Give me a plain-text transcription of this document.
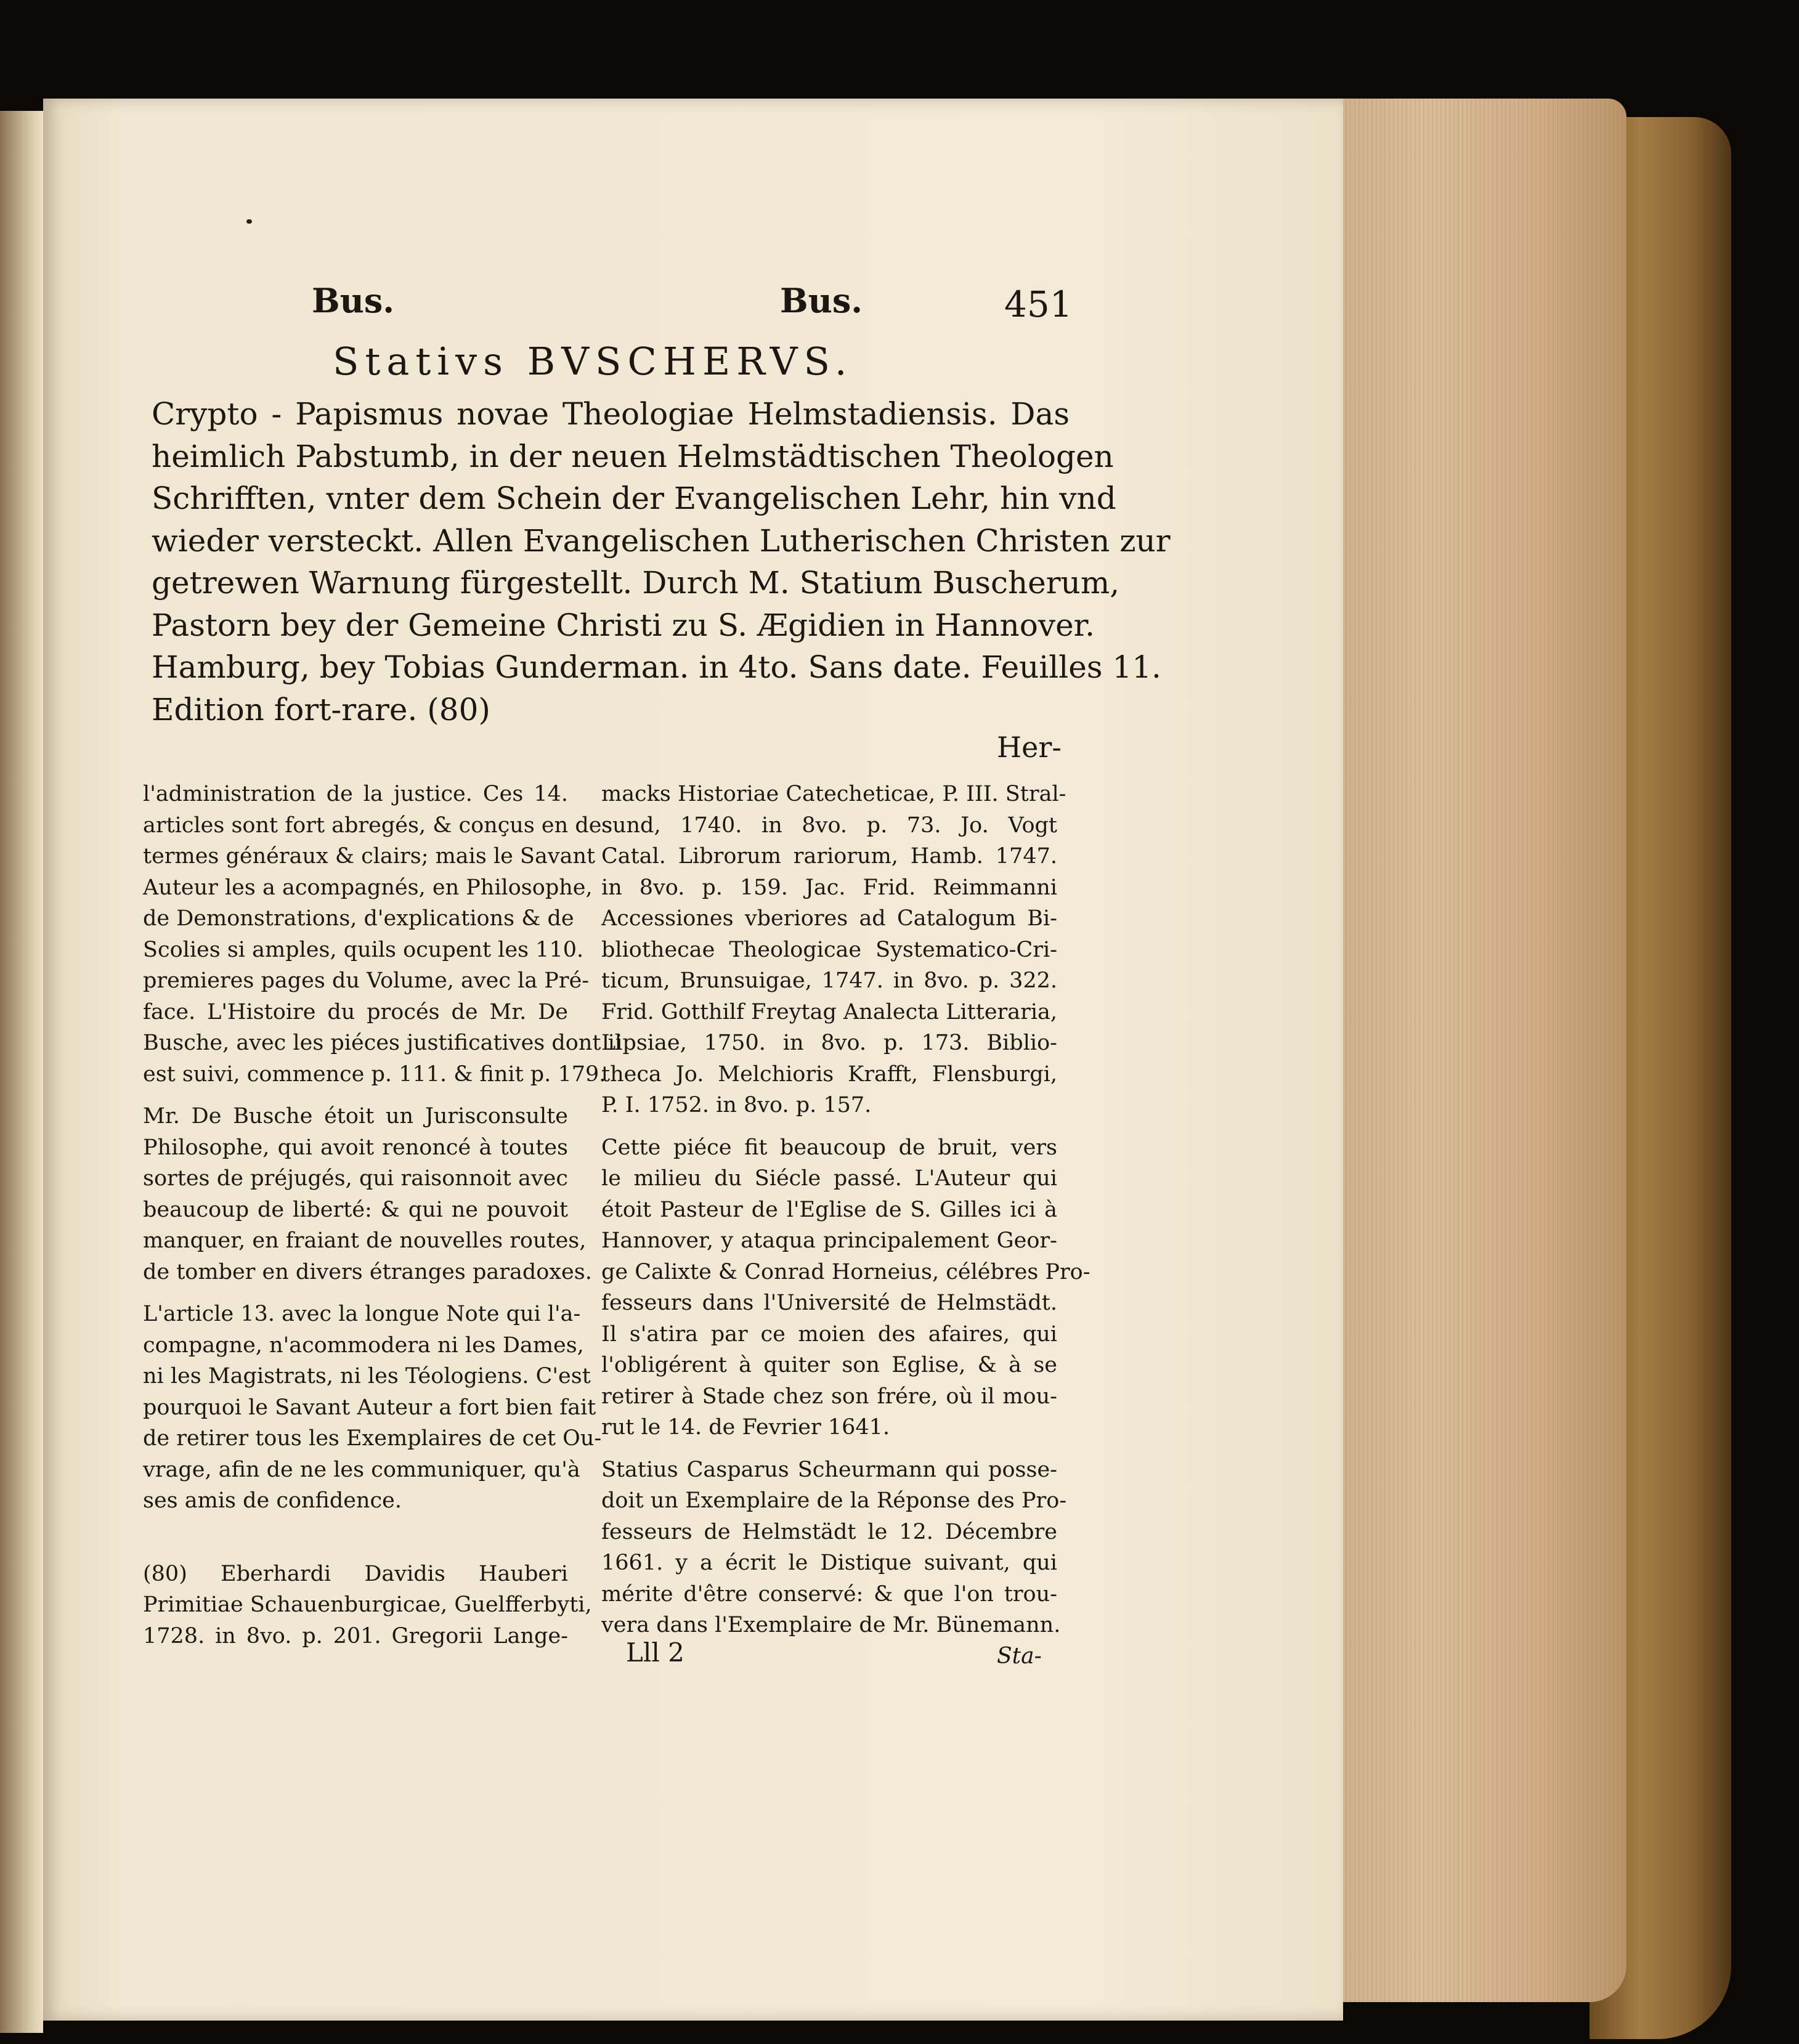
Bus.	Bus.	451
Stativs BVSCHERVS.

Crypto - Papismus novae Theologiae Helmstadiensis. Das

heimlich Pabstumb, in der neuen Helmstädtischen Theologen

Schrifften, vnter dem Schein der Evangelischen Lehr, hin vnd

wieder versteckt. Allen Evangelischen Lutherischen Christen zur

getrewen Warnung fürgestellt. Durch M. Statium Buscherum,

Pastorn bey der Gemeine Christi zu S. Ægidien in Hannover.

Hamburg, bey Tobias Gunderman. in 4to. Sans date. Feuilles 11.

Edition fort-rare. (80)

Her-

l'administration de la justice. Ces 14.

articles sont fort abregés, & conçus en des

termes généraux & clairs; mais le Savant

Auteur les a acompagnés, en Philosophe,

de Demonstrations, d'explications & de

Scolies si amples, quils ocupent les 110.

premieres pages du Volume, avec la Pré-

face. L'Histoire du procés de Mr. De

Busche, avec les piéces justificatives dont il

est suivi, commence p. 111. & finit p. 179.

Mr. De Busche étoit un Jurisconsulte

Philosophe, qui avoit renoncé à toutes

sortes de préjugés, qui raisonnoit avec

beaucoup de liberté: & qui ne pouvoit

manquer, en fraiant de nouvelles routes,

de tomber en divers étranges paradoxes.

L'article 13. avec la longue Note qui l'a-

compagne, n'acommodera ni les Dames,

ni les Magistrats, ni les Téologiens. C'est

pourquoi le Savant Auteur a fort bien fait

de retirer tous les Exemplaires de cet Ou-

vrage, afin de ne les communiquer, qu'à

ses amis de confidence.

(80) Eberhardi Davidis Hauberi

Primitiae Schauenburgicae, Guelfferbyti,

1728. in 8vo. p. 201. Gregorii Lange-

macks Historiae Catecheticae, P. III. Stral-

sund, 1740. in 8vo. p. 73. Jo. Vogt

Catal. Librorum rariorum, Hamb. 1747.

in 8vo. p. 159. Jac. Frid. Reimmanni

Accessiones vberiores ad Catalogum Bi-

bliothecae Theologicae Systematico-Cri-

ticum, Brunsuigae, 1747. in 8vo. p. 322.

Frid. Gotthilf Freytag Analecta Litteraria,

Lipsiae, 1750. in 8vo. p. 173. Biblio-

theca Jo. Melchioris Krafft, Flensburgi,

P. I. 1752. in 8vo. p. 157.

Cette piéce fit beaucoup de bruit, vers

le milieu du Siécle passé. L'Auteur qui

étoit Pasteur de l'Eglise de S. Gilles ici à

Hannover, y ataqua principalement Geor-

ge Calixte & Conrad Horneius, célébres Pro-

fesseurs dans l'Université de Helmstädt.

Il s'atira par ce moien des afaires, qui

l'obligérent à quiter son Eglise, & à se

retirer à Stade chez son frére, où il mou-

rut le 14. de Fevrier 1641.

Statius Casparus Scheurmann qui posse-

doit un Exemplaire de la Réponse des Pro-

fesseurs de Helmstädt le 12. Décembre

1661. y a écrit le Distique suivant, qui

mérite d'être conservé: & que l'on trou-

vera dans l'Exemplaire de Mr. Bünemann.

Lll 2	Sta-
